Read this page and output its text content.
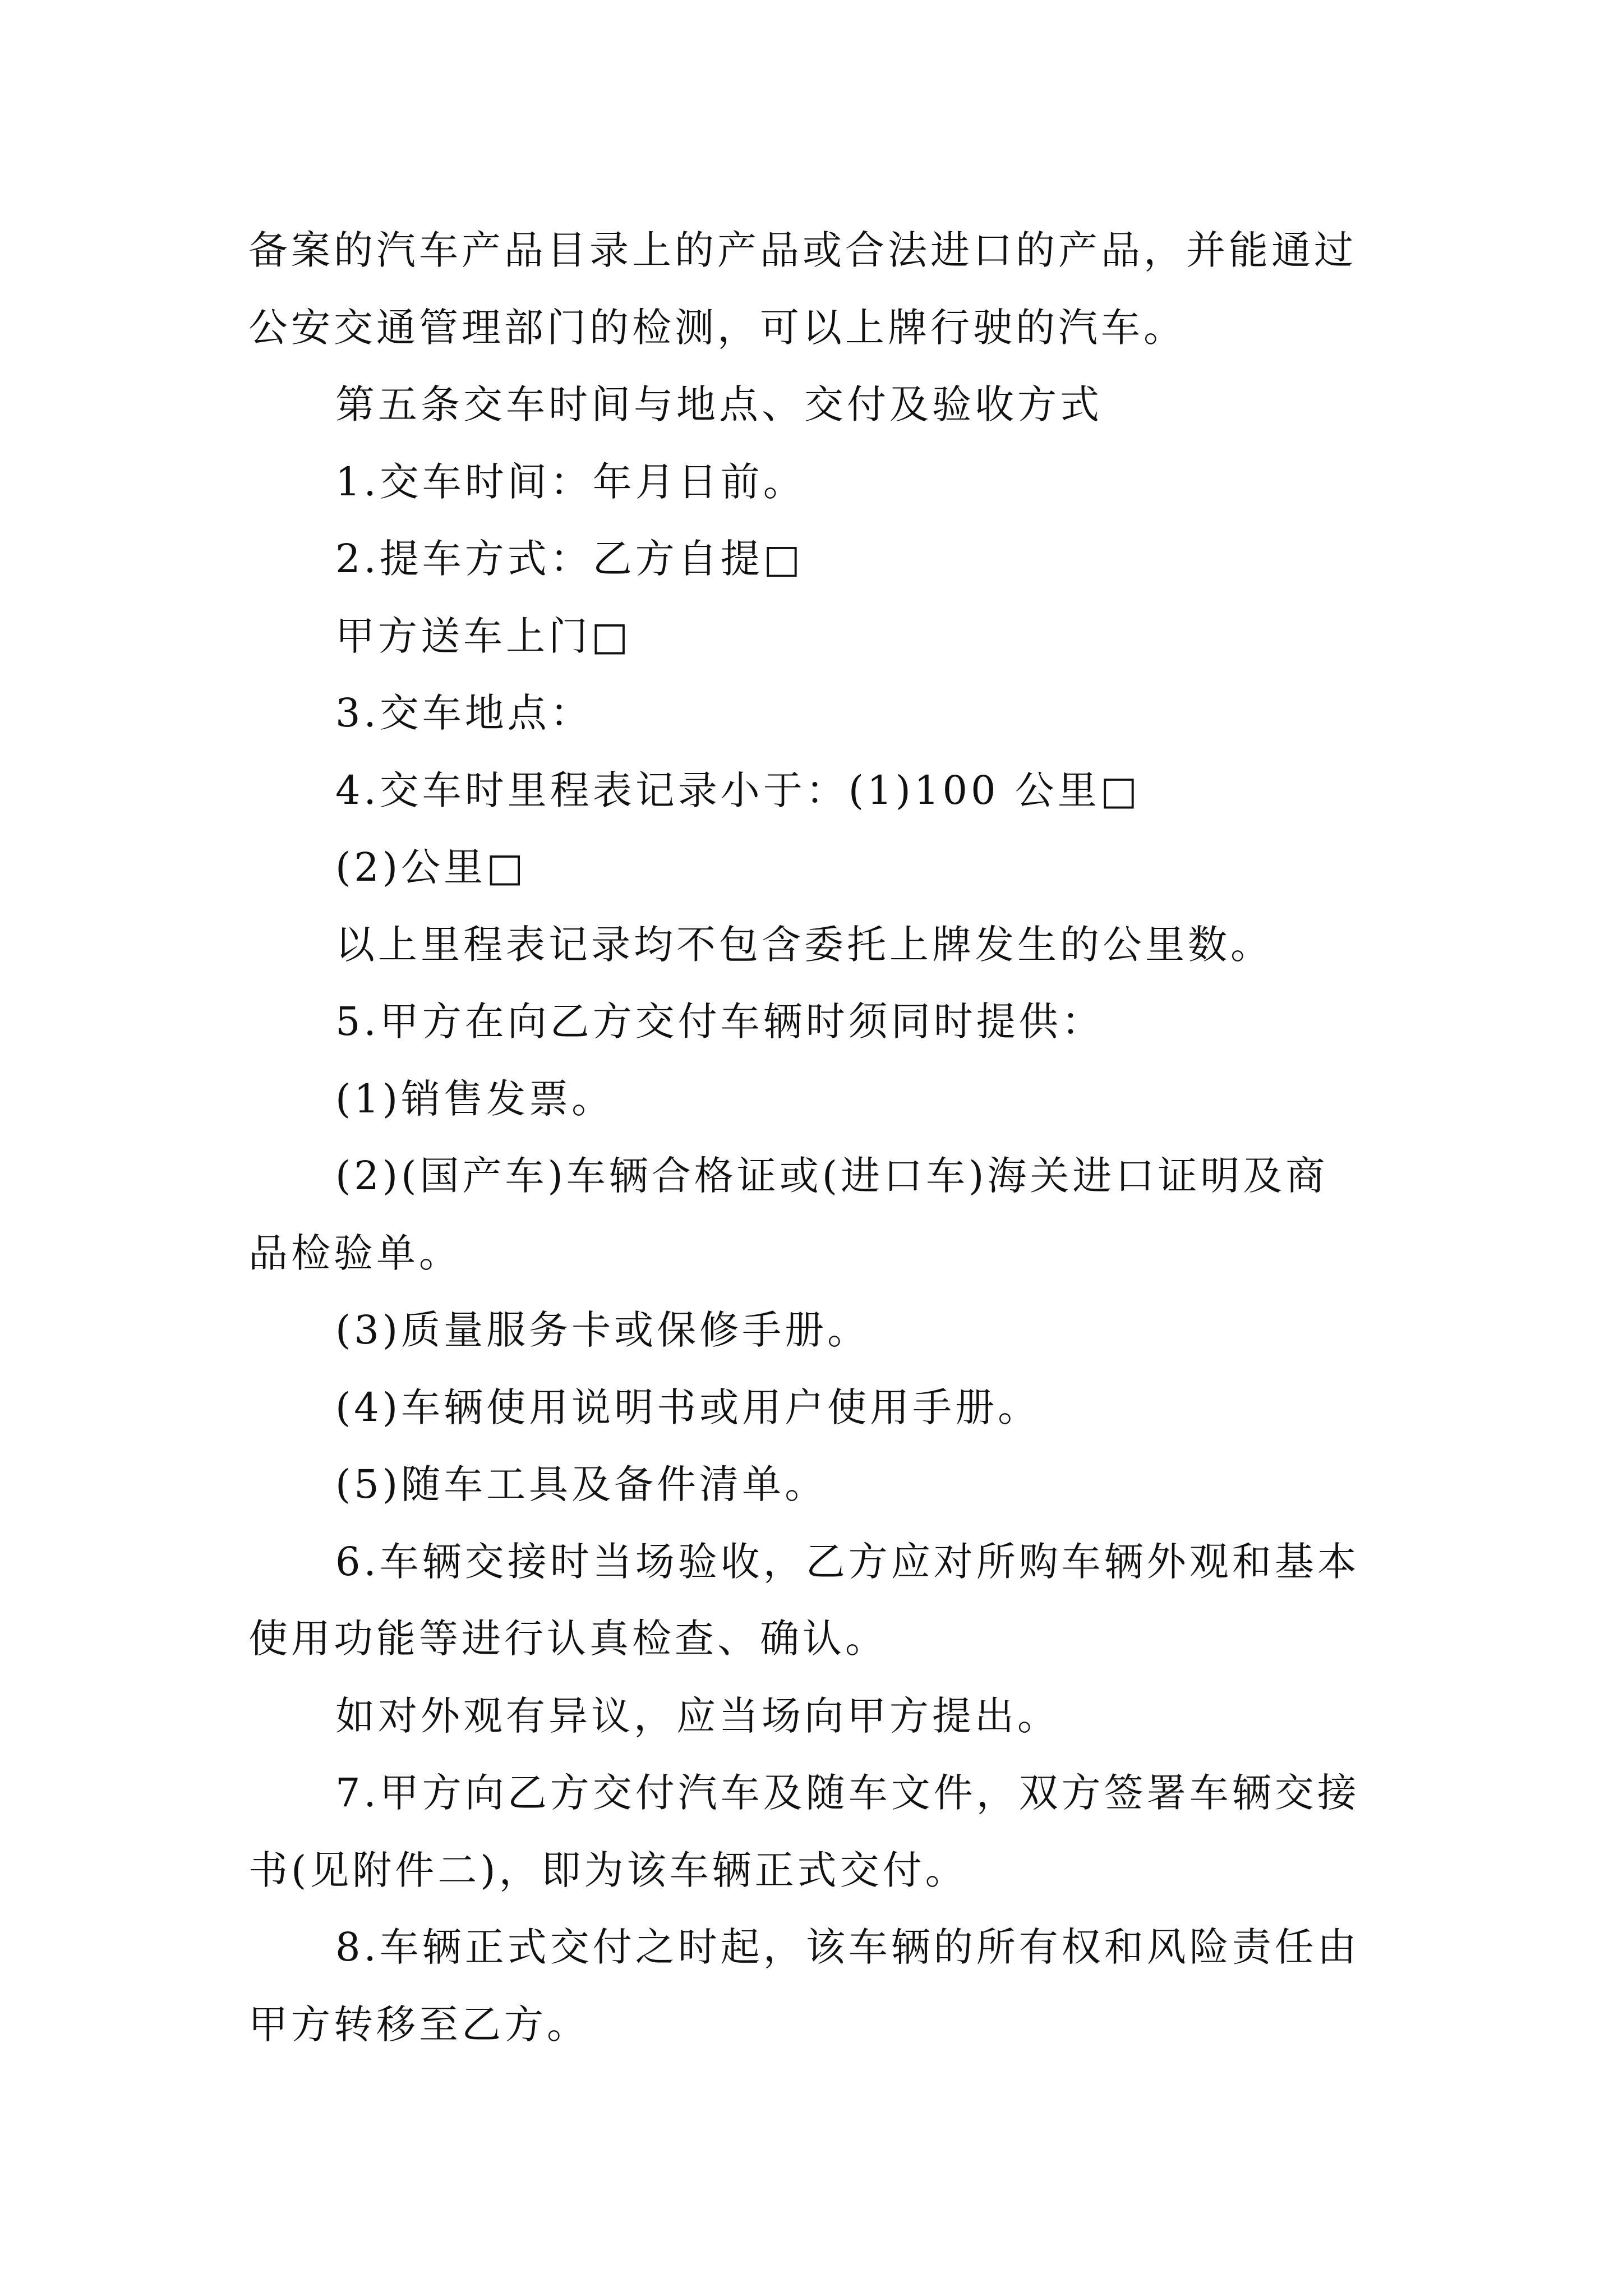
备案的汽车产品目录上的产品或合法进口的产品，并能通过
公安交通管理部门的检测，可以上牌行驶的汽车。
第五条交车时间与地点、交付及验收方式
1.交车时间：年月日前。
2.提车方式：乙方自提□
甲方送车上门□
3.交车地点：
4.交车时里程表记录小于：(1)100 公里□
(2)公里□
以上里程表记录均不包含委托上牌发生的公里数。
5.甲方在向乙方交付车辆时须同时提供：
(1)销售发票。
(2)(国产车)车辆合格证或(进口车)海关进口证明及商
品检验单。
(3)质量服务卡或保修手册。
(4)车辆使用说明书或用户使用手册。
(5)随车工具及备件清单。
6.车辆交接时当场验收，乙方应对所购车辆外观和基本
使用功能等进行认真检查、确认。
如对外观有异议，应当场向甲方提出。
7.甲方向乙方交付汽车及随车文件，双方签署车辆交接
书(见附件二)，即为该车辆正式交付。
8.车辆正式交付之时起，该车辆的所有权和风险责任由
甲方转移至乙方。
